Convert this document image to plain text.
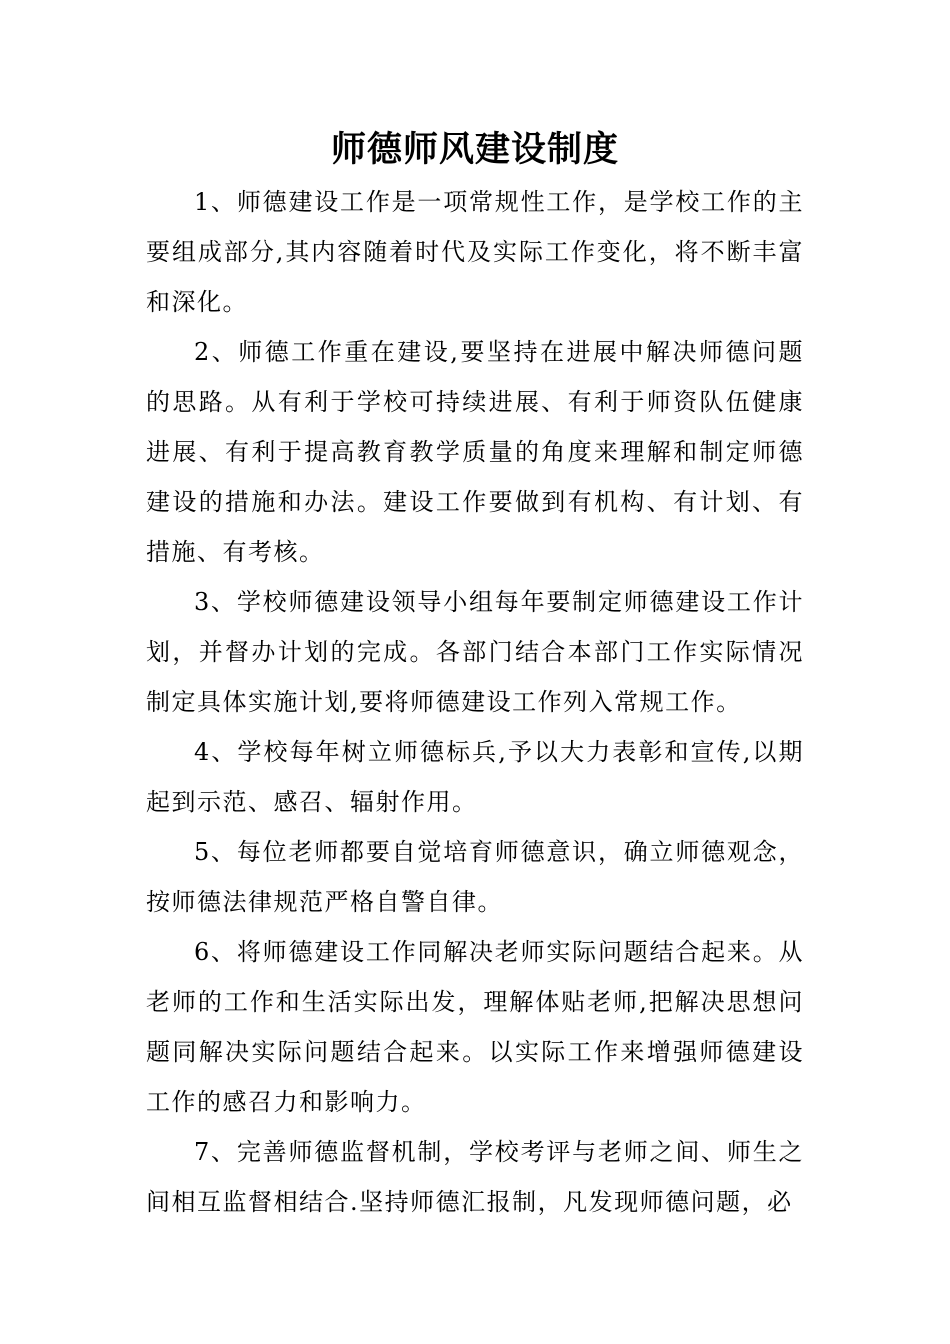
师德师风建设制度

1、师德建设工作是一项常规性工作，是学校工作的主要组成部分,其内容随着时代及实际工作变化，将不断丰富和深化。

2、师德工作重在建设,要坚持在进展中解决师德问题的思路。从有利于学校可持续进展、有利于师资队伍健康进展、有利于提高教育教学质量的角度来理解和制定师德建设的措施和办法。建设工作要做到有机构、有计划、有措施、有考核。

3、学校师德建设领导小组每年要制定师德建设工作计划，并督办计划的完成。各部门结合本部门工作实际情况制定具体实施计划,要将师德建设工作列入常规工作。

4、学校每年树立师德标兵,予以大力表彰和宣传,以期起到示范、感召、辐射作用。

5、每位老师都要自觉培育师德意识，确立师德观念，按师德法律规范严格自警自律。

6、将师德建设工作同解决老师实际问题结合起来。从老师的工作和生活实际出发，理解体贴老师,把解决思想问题同解决实际问题结合起来。以实际工作来增强师德建设工作的感召力和影响力。

7、完善师德监督机制，学校考评与老师之间、师生之间相互监督相结合.坚持师德汇报制，凡发现师德问题，必
